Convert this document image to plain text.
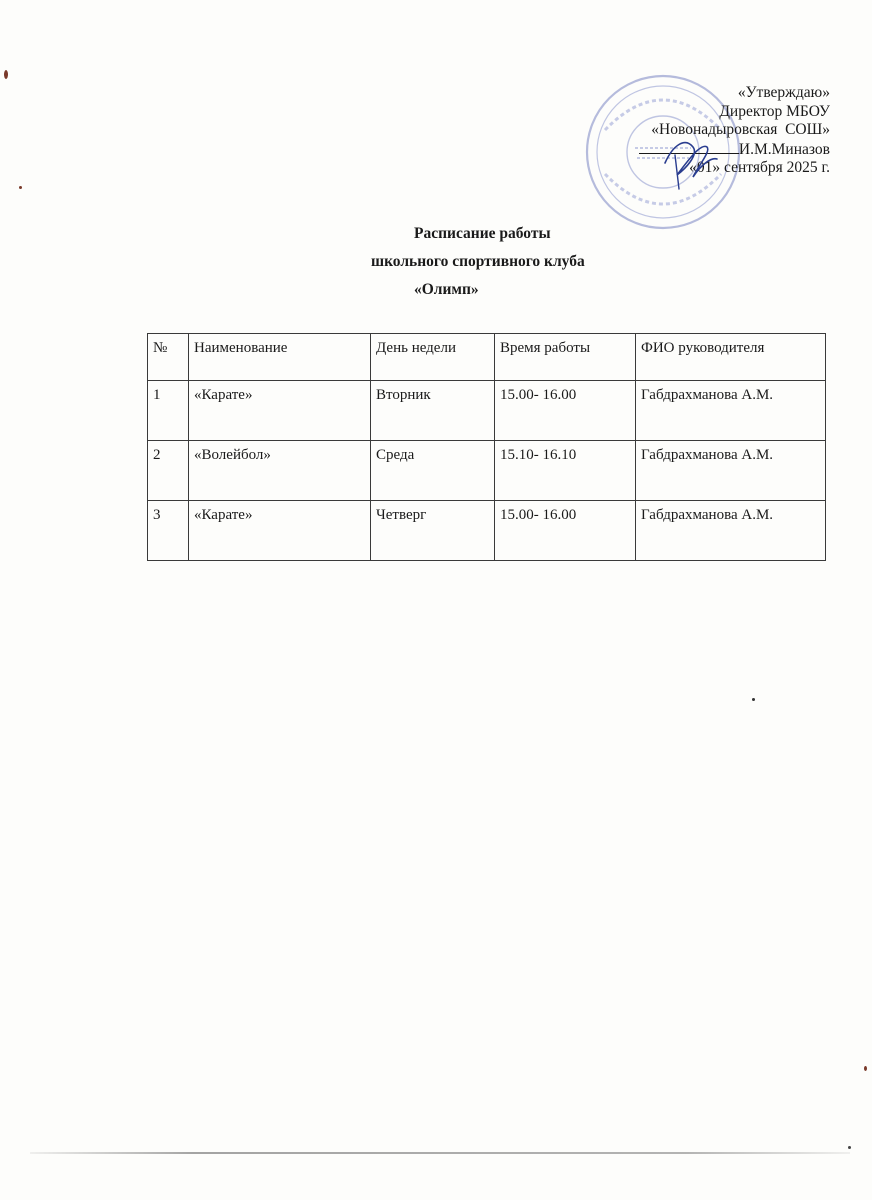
«Утверждаю»
Директор МБОУ
«Новонадыровская  СОШ»
И.М.Миназов
«01» сентября 2025 г.
Расписание работы
школьного спортивного клуба
«Олимп»
№	Наименование	День недели	Время работы	ФИО руководителя
1	«Карате»	Вторник	15.00- 16.00	Габдрахманова А.М.
2	«Волейбол»	Среда	15.10- 16.10	Габдрахманова А.М.
3	«Карате»	Четверг	15.00- 16.00	Габдрахманова А.М.
